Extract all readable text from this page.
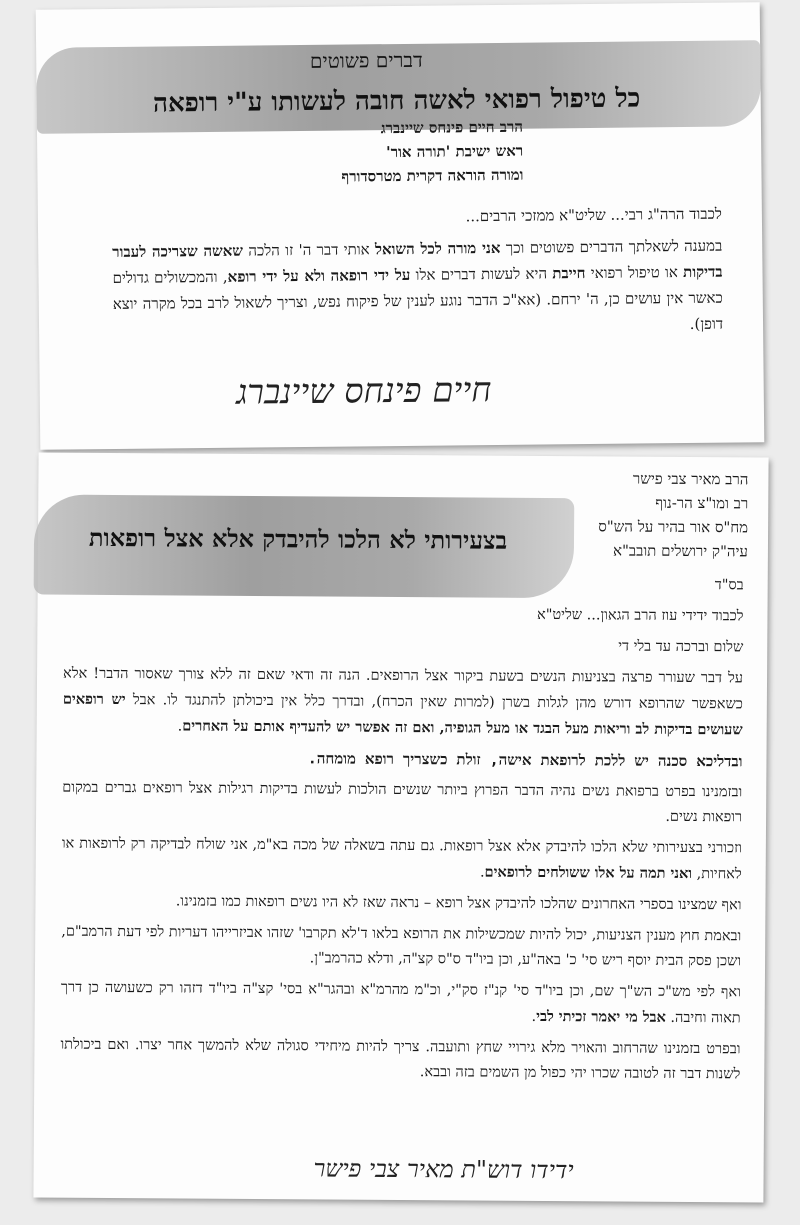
דברים פשוטים
כל טיפול רפואי לאשה חובה לעשותו ע"י רופאה
הרב חיים פינחס שיינברג
ראש ישיבת 'תורה אור'
ומורה הוראה דקרית מטרסדורף

לכבוד הרה"ג רבי... שליט"א ממזכי הרבים...

במענה לשאלתך הדברים פשוטים וכך אני מורה לכל השואל אותי דבר ה' זו הלכה שאשה שצריכה לעבור בדיקות או טיפול רפואי חייבת היא לעשות דברים אלו על ידי רופאה ולא על ידי רופא, והמכשולים גדולים כאשר אין עושים כן, ה' ירחם. (אא"כ הדבר נוגע לענין של פיקוח נפש, וצריך לשאול לרב בכל מקרה יוצא דופן).

חיים פינחס שיינברג
בצעירותי לא הלכו להיבדק אלא אצל רופאות
הרב מאיר צבי פישר
רב ומו"צ הר-נוף
מח"ס אור בהיר על הש"ס
עיה"ק ירושלים תובב"א

בס"ד

לכבוד ידידי עוז הרב הגאון... שליט"א

שלום וברכה עד בלי די

על דבר שעורר פרצה בצניעות הנשים בשעת ביקור אצל הרופאים. הנה זה ודאי שאם זה ללא צורך שאסור הדבר! אלא כשאפשר שהרופא דורש מהן לגלות בשרן (למרות שאין הכרח), ובדרך כלל אין ביכולתן להתנגד לו. אבל יש רופאים שעושים בדיקות לב וריאות מעל הבגד או מעל הגופיה, ואם זה אפשר יש להעדיף אותם על האחרים.

ובדליכא סכנה יש ללכת לרופאת אישה, זולת כשצריך רופא מומחה.

ובזמנינו בפרט ברפואת נשים נהיה הדבר הפרוץ ביותר שנשים הולכות לעשות בדיקות רגילות אצל רופאים גברים במקום רופאות נשים.

וזכורני בצעירותי שלא הלכו להיבדק אלא אצל רופאות. גם עתה בשאלה של מכה בא"מ, אני שולח לבדיקה רק לרופאות או לאחיות, ואני תמה על אלו ששולחים לרופאים.

ואף שמצינו בספרי האחרונים שהלכו להיבדק אצל רופא – נראה שאז לא היו נשים רופאות כמו בזמנינו.

ובאמת חוץ מענין הצניעות, יכול להיות שמכשילות את הרופא בלאו ד'לא תקרבו' שזהו אביזרייהו דעריות לפי דעת הרמב"ם, ושכן פסק הבית יוסף ריש סי' כ' באה"ע, וכן ביו"ד ס"ס קצ"ה, ודלא כהרמב"ן.

ואף לפי מש"כ הש"ך שם, וכן ביו"ד סי' קנ"ז סק"י, וכ"מ מהרמ"א ובהגר"א בסי' קצ"ה ביו"ד דזהו רק כשעושה כן דרך תאוה וחיבה. אבל מי יאמר זכיתי לבי.

ובפרט בזמנינו שהרחוב והאויר מלא גירויי שחץ ותועבה. צריך להיות מיחידי סגולה שלא להמשך אחר יצרו. ואם ביכולתו לשנות דבר זה לטובה שכרו יהי כפול מן השמים בזה ובבא.

ידידו דוש"ת מאיר צבי פישר
